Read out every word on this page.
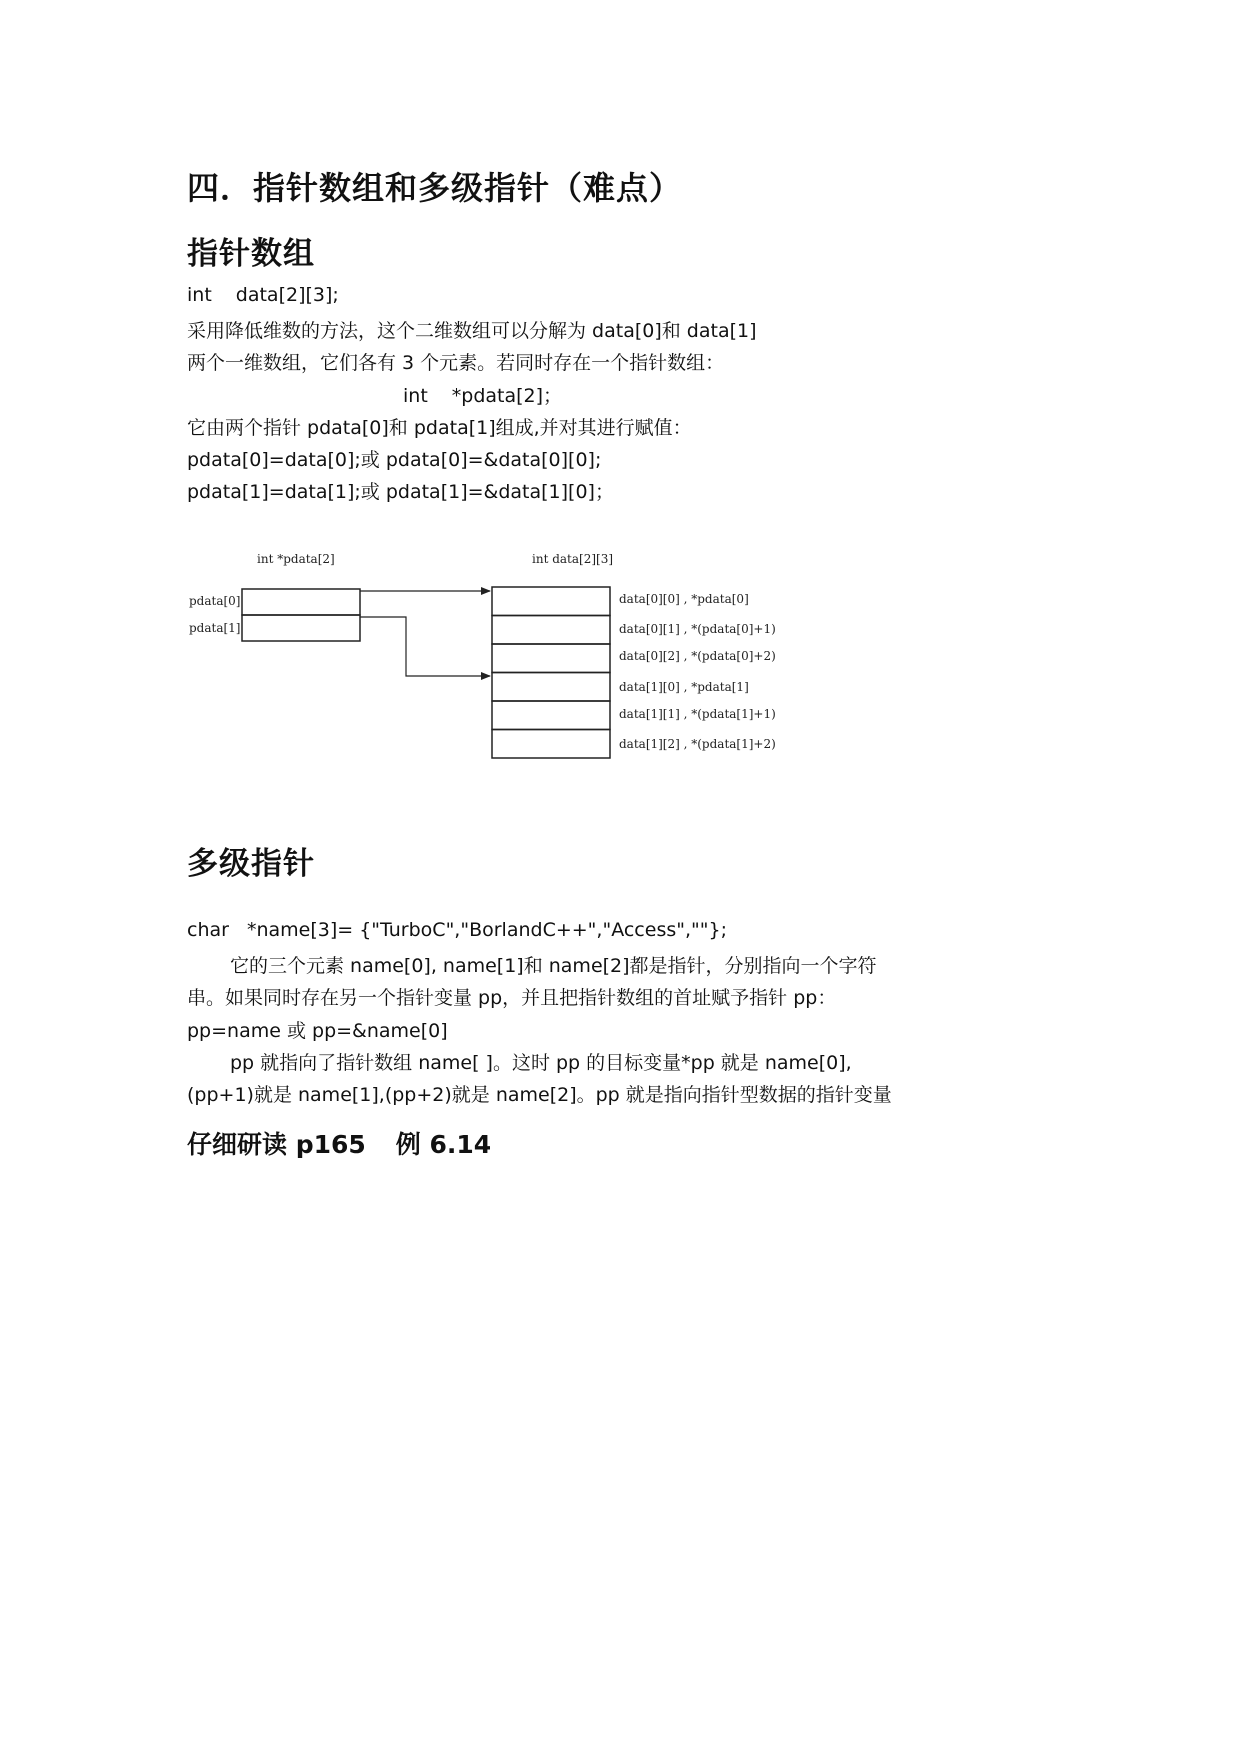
四．指针数组和多级指针（难点）
指针数组
int data[2][3];
采用降低维数的方法，这个二维数组可以分解为 data[0]和 data[1]
两个一维数组，它们各有 3 个元素。若同时存在一个指针数组：
int *pdata[2]；
它由两个指针 pdata[0]和 pdata[1]组成,并对其进行赋值：
pdata[0]=data[0];或 pdata[0]=&data[0][0];
pdata[1]=data[1];或 pdata[1]=&data[1][0]；
int *pdata[2]	int data[2][3]
pdata[0]
pdata[1]
data[0][0] , *pdata[0]
data[0][1] , *(pdata[0]+1)
data[0][2] , *(pdata[0]+2)
data[1][0] , *pdata[1]
data[1][1] , *(pdata[1]+1)
data[1][2] , *(pdata[1]+2)
多级指针
char *name[3]= {"TurboC","BorlandC++","Access",""};
它的三个元素 name[0], name[1]和 name[2]都是指针，分别指向一个字符
串。如果同时存在另一个指针变量 pp，并且把指针数组的首址赋予指针 pp：
pp=name 或 pp=&name[0]
pp 就指向了指针数组 name[ ]。这时 pp 的目标变量*pp 就是 name[0],
(pp+1)就是 name[1],(pp+2)就是 name[2]。pp 就是指向指针型数据的指针变量
仔细研读 p165 例 6.14
